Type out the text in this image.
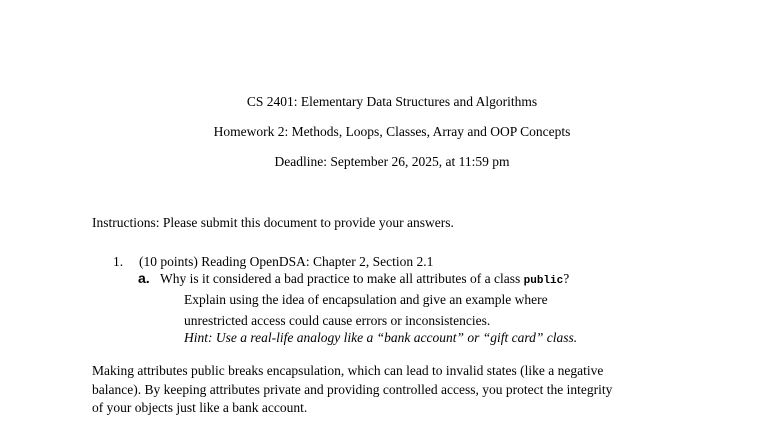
CS 2401: Elementary Data Structures and Algorithms
Homework 2: Methods, Loops, Classes, Array and OOP Concepts
Deadline: September 26, 2025, at 11:59 pm
Instructions: Please submit this document to provide your answers.
1. (10 points) Reading OpenDSA: Chapter 2, Section 2.1
a. Why is it considered a bad practice to make all attributes of a class public?
Explain using the idea of encapsulation and give an example where
unrestricted access could cause errors or inconsistencies.
Hint: Use a real-life analogy like a “bank account” or “gift card” class.
Making attributes public breaks encapsulation, which can lead to invalid states (like a negative
balance). By keeping attributes private and providing controlled access, you protect the integrity
of your objects just like a bank account.
